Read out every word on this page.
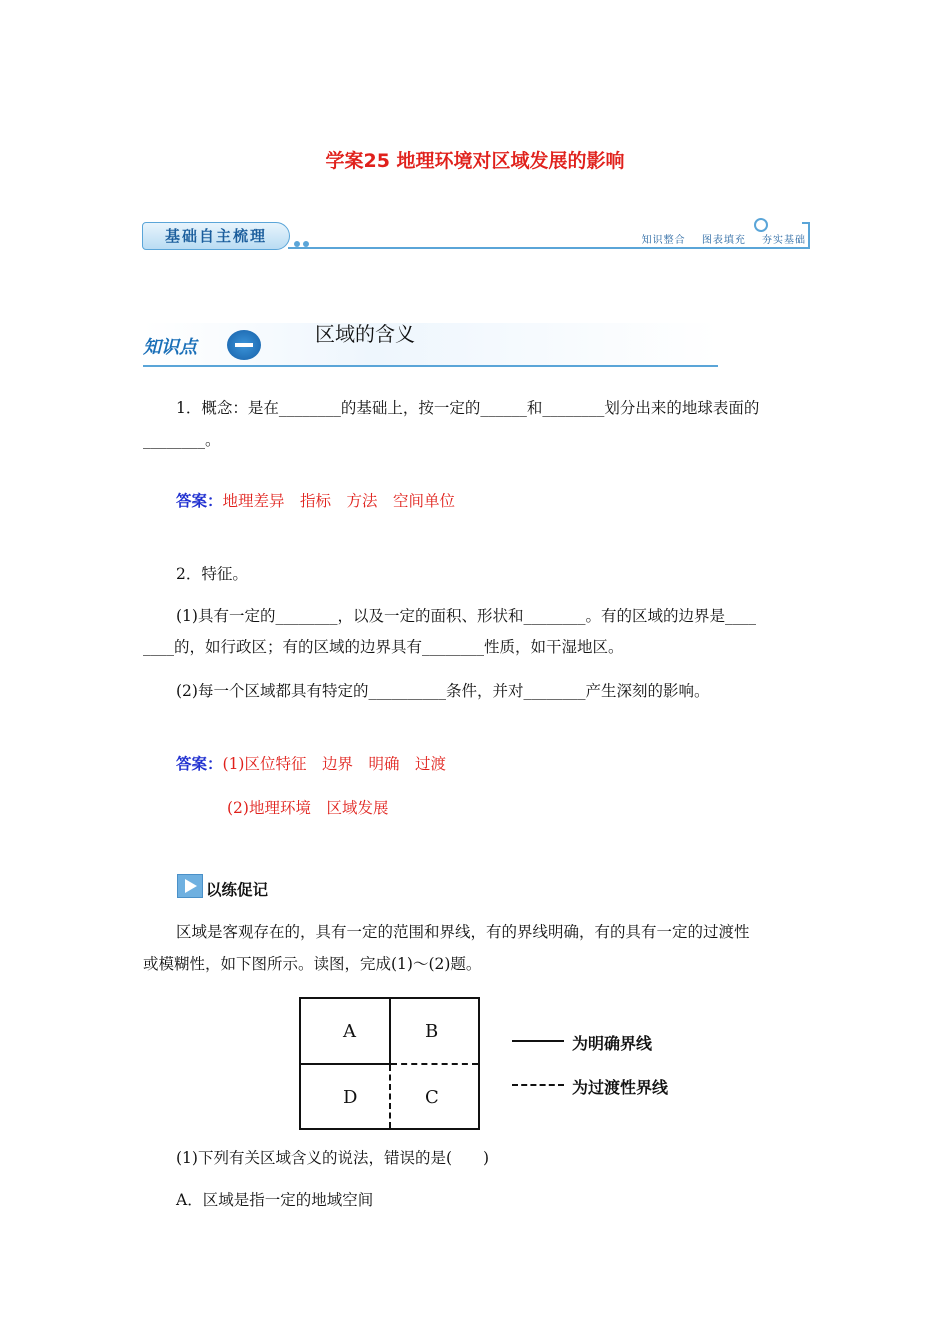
学案25 地理环境对区域发展的影响
基础自主梳理	知识整合 图表填充 夯实基础
知识点
区域的含义
1．概念：是在________的基础上，按一定的______和________划分出来的地球表面的
________。
答案：地理差异　指标　方法　空间单位
2．特征。
(1)具有一定的________，以及一定的面积、形状和________。有的区域的边界是____
____的，如行政区；有的区域的边界具有________性质，如干湿地区。
(2)每一个区域都具有特定的__________条件，并对________产生深刻的影响。
答案：(1)区位特征　边界　明确　过渡
(2)地理环境　区域发展
以练促记
区域是客观存在的，具有一定的范围和界线，有的界线明确，有的具有一定的过渡性
或模糊性，如下图所示。读图，完成(1)～(2)题。
A	B
D	C
为明确界线
为过渡性界线
(1)下列有关区域含义的说法，错误的是(　　)
A．区域是指一定的地域空间
